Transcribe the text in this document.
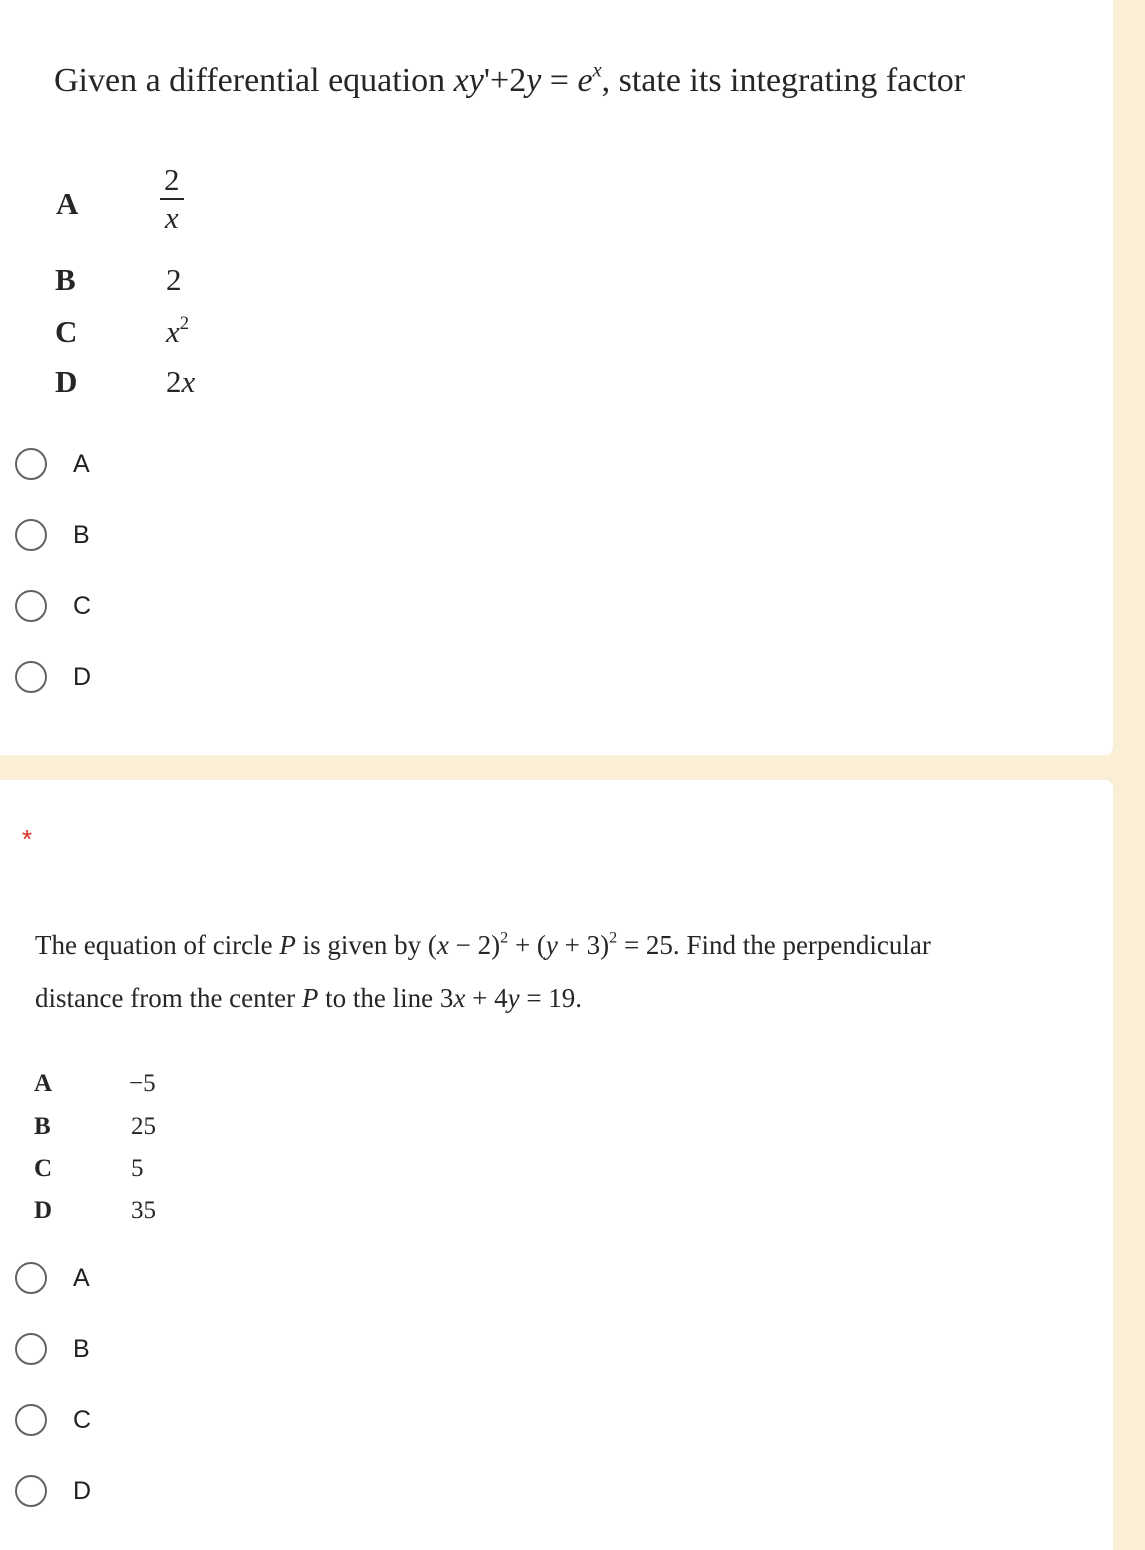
Given a differential equation $xy'+2y = e^x$, state its integrating factor
A	$\frac{2}{x}$
B	2
C	$x^2$
D	2x
A
B
C
D
*
The equation of circle P is given by $(x - 2)^2 + (y + 3)^2 = 25$. Find the perpendicular
distance from the center P to the line 3x + 4y = 19.
A	−5
B	25
C	5
D	35
A
B
C
D
